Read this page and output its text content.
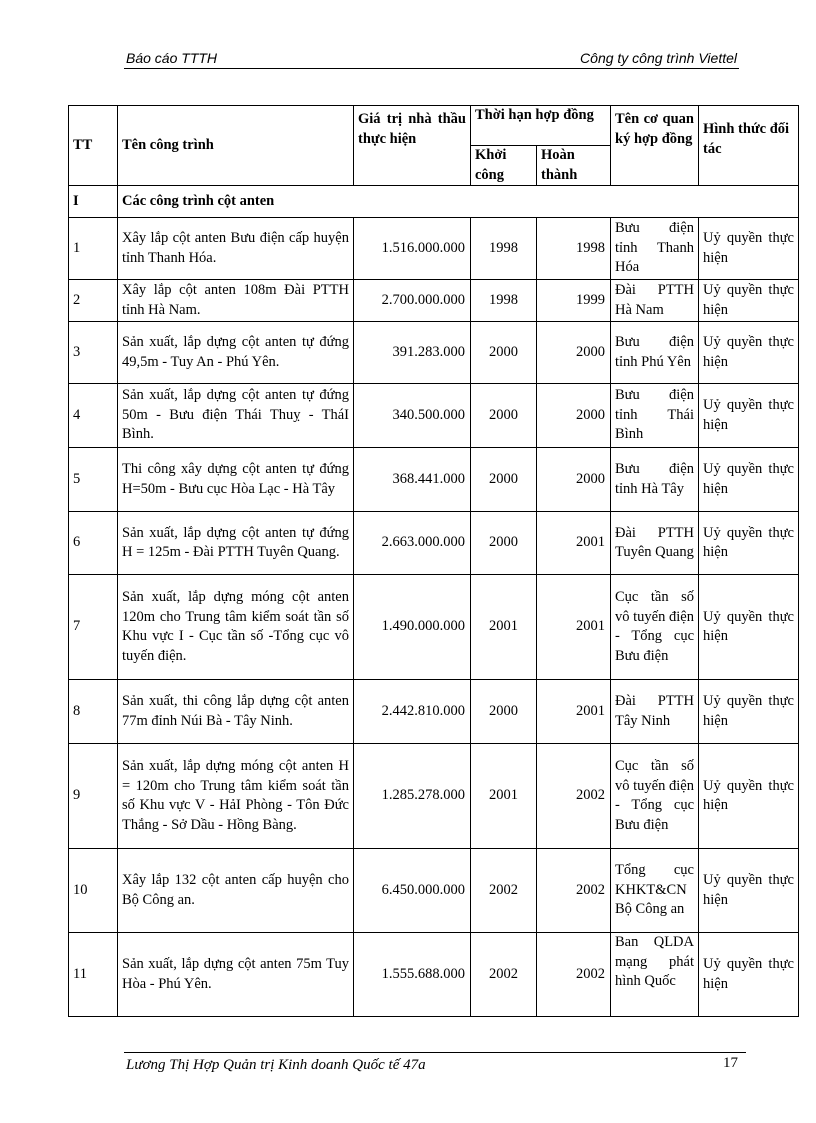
Báo cáo TTTH	Công ty công trình Viettel
TT	Tên công trình	Giá trị nhà thầu thực hiện	Thời hạn hợp đồng		Tên cơ quan ký hợp đồng	Hình thức đối tác
			Khởi công	Hoàn thành		
I	Các công trình cột anten					
1	Xây lắp cột anten Bưu điện cấp huyện tỉnh Thanh Hóa.	1.516.000.000	1998	1998	Bưu điện tỉnh Thanh Hóa	Uỷ quyền thực hiện
2	Xây lắp cột anten 108m Đài PTTH tỉnh Hà Nam.	2.700.000.000	1998	1999	Đài PTTH Hà Nam	Uỷ quyền thực hiện
3	Sản xuất, lắp dựng cột anten tự đứng 49,5m - Tuy An - Phú Yên.	391.283.000	2000	2000	Bưu điện tỉnh Phú Yên	Uỷ quyền thực hiện
4	Sản xuất, lắp dựng cột anten tự đứng 50m - Bưu điện Thái Thuỵ - TháI Bình.	340.500.000	2000	2000	Bưu điện tỉnh Thái Bình	Uỷ quyền thực hiện
5	Thi công xây dựng cột anten tự đứng H=50m - Bưu cục Hòa Lạc - Hà Tây	368.441.000	2000	2000	Bưu điện tỉnh Hà Tây	Uỷ quyền thực hiện
6	Sản xuất, lắp dựng cột anten tự đứng H = 125m - Đài PTTH Tuyên Quang.	2.663.000.000	2000	2001	Đài PTTH Tuyên Quang	Uỷ quyền thực hiện
7	Sản xuất, lắp dựng móng cột anten 120m cho Trung tâm kiểm soát tần số Khu vực I - Cục tần số -Tổng cục vô tuyến điện.	1.490.000.000	2001	2001	Cục tần số vô tuyến điện - Tổng cục Bưu điện	Uỷ quyền thực hiện
8	Sản xuất, thi công lắp dựng cột anten 77m đỉnh Núi Bà - Tây Ninh.	2.442.810.000	2000	2001	Đài PTTH Tây Ninh	Uỷ quyền thực hiện
9	Sản xuất, lắp dựng móng cột anten H = 120m cho Trung tâm kiểm soát tần số Khu vực V - HảI Phòng - Tôn Đức Thắng - Sở Dầu - Hồng Bàng.	1.285.278.000	2001	2002	Cục tần số vô tuyến điện - Tổng cục Bưu điện	Uỷ quyền thực hiện
10	Xây lắp 132 cột anten cấp huyện cho Bộ Công an.	6.450.000.000	2002	2002	Tổng cục KHKT&CN Bộ Công an	Uỷ quyền thực hiện
11	Sản xuất, lắp dựng cột anten 75m Tuy Hòa - Phú Yên.	1.555.688.000	2002	2002	Ban QLDA mạng phát hình Quốc	Uỷ quyền thực hiện
Lương Thị Hợp Quản trị Kinh doanh Quốc tế 47a	17
